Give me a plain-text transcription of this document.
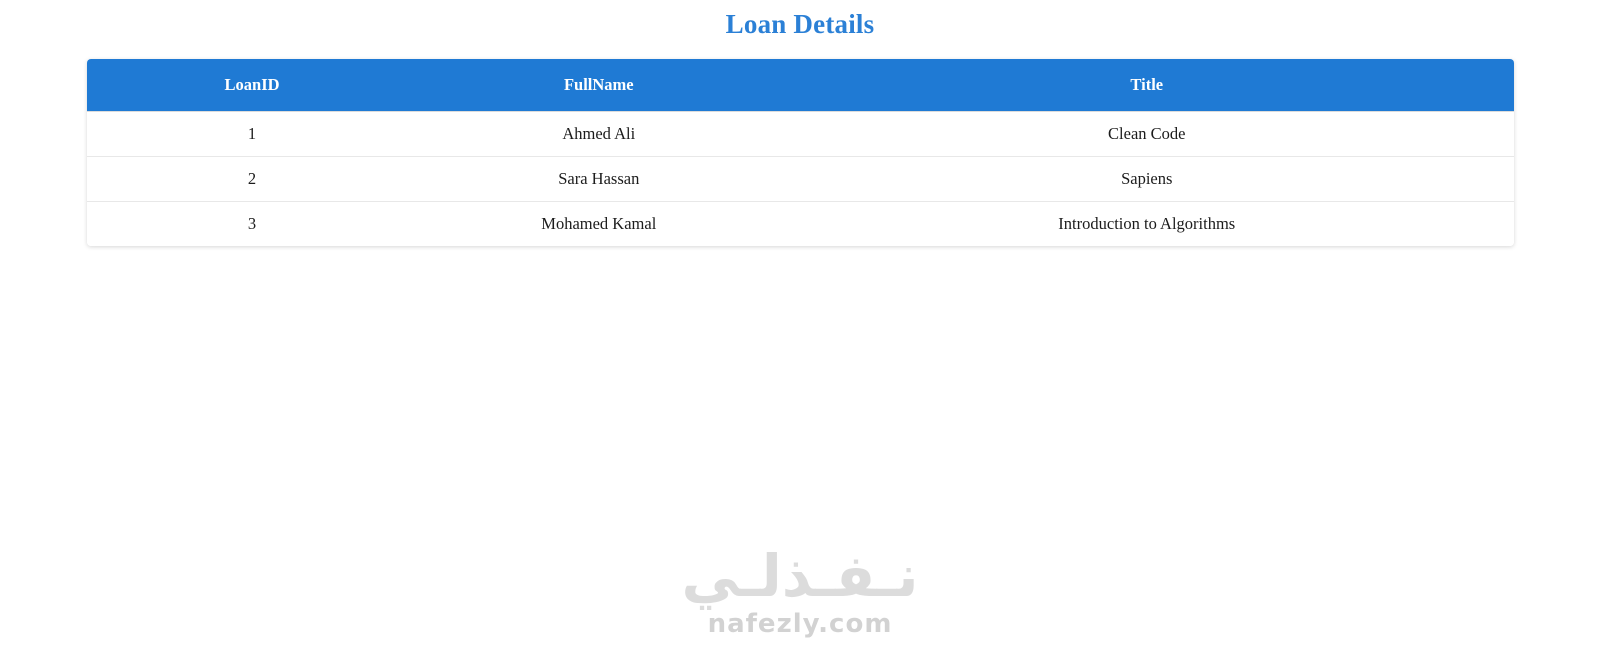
Loan Details
LoanID	FullName	Title
1	Ahmed Ali	Clean Code
2	Sara Hassan	Sapiens
3	Mohamed Kamal	Introduction to Algorithms
نـفـذلـي
nafezly.com
